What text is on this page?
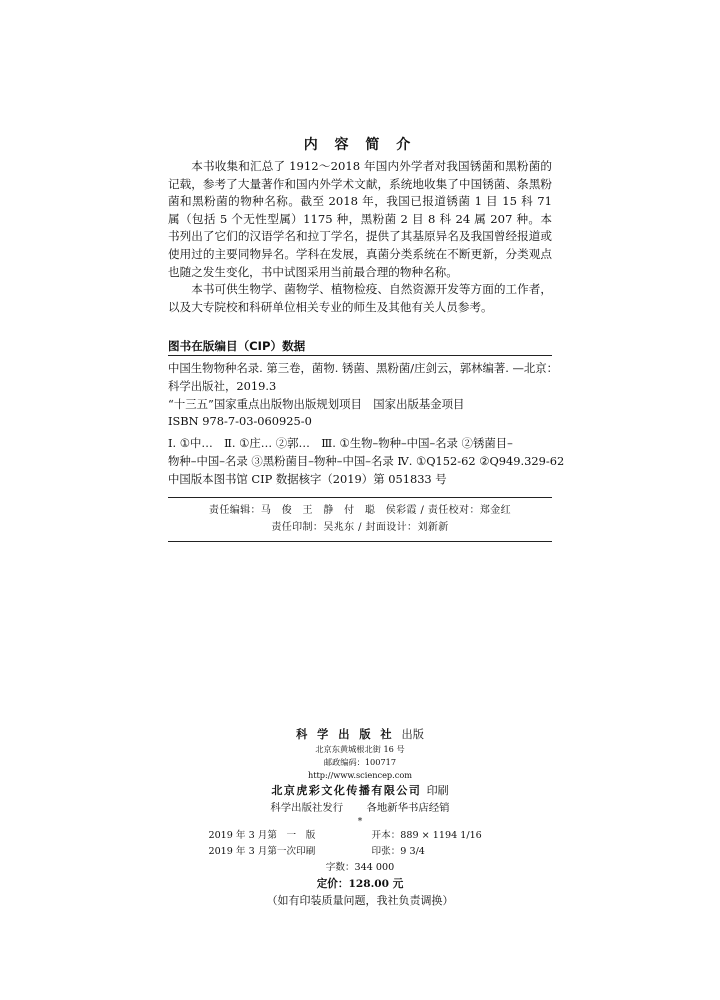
内 容 简 介

本书收集和汇总了 1912～2018 年国内外学者对我国锈菌和黑粉菌的记载，参考了大量著作和国内外学术文献，系统地收集了中国锈菌、条黑粉菌和黑粉菌的物种名称。截至 2018 年，我国已报道锈菌 1 目 15 科 71 属（包括 5 个无性型属）1175 种，黑粉菌 2 目 8 科 24 属 207 种。本书列出了它们的汉语学名和拉丁学名，提供了其基原异名及我国曾经报道或使用过的主要同物异名。学科在发展，真菌分类系统在不断更新，分类观点也随之发生变化，书中试图采用当前最合理的物种名称。

本书可供生物学、菌物学、植物检疫、自然资源开发等方面的工作者，以及大专院校和科研单位相关专业的师生及其他有关人员参考。

图书在版编目（CIP）数据
中国生物物种名录. 第三卷，菌物. 锈菌、黑粉菌/庄剑云，郭林编著. —北京：
科学出版社，2019.3
“十三五”国家重点出版物出版规划项目　国家出版基金项目
ISBN 978-7-03-060925-0
Ⅰ. ①中…　Ⅱ. ①庄… ②郭…　Ⅲ. ①生物–物种–中国–名录 ②锈菌目–
物种–中国–名录 ③黑粉菌目–物种–中国–名录 Ⅳ. ①Q152-62 ②Q949.329-62
中国版本图书馆 CIP 数据核字（2019）第 051833 号
责任编辑：马　俊　王　静　付　聪　侯彩霞 / 责任校对：郑金红
责任印制：吴兆东 / 封面设计：刘新新
科 学 出 版 社 出版
北京东黄城根北街 16 号
邮政编码：100717
http://www.sciencep.com
北京虎彩文化传播有限公司 印刷
科学出版社发行 各地新华书店经销
*
2019 年 3 月第　一　版	开本：889 × 1194 1/16
2019 年 3 月第一次印刷	印张：9 3/4
字数：344 000
定价：128.00 元
（如有印装质量问题，我社负责调换）
